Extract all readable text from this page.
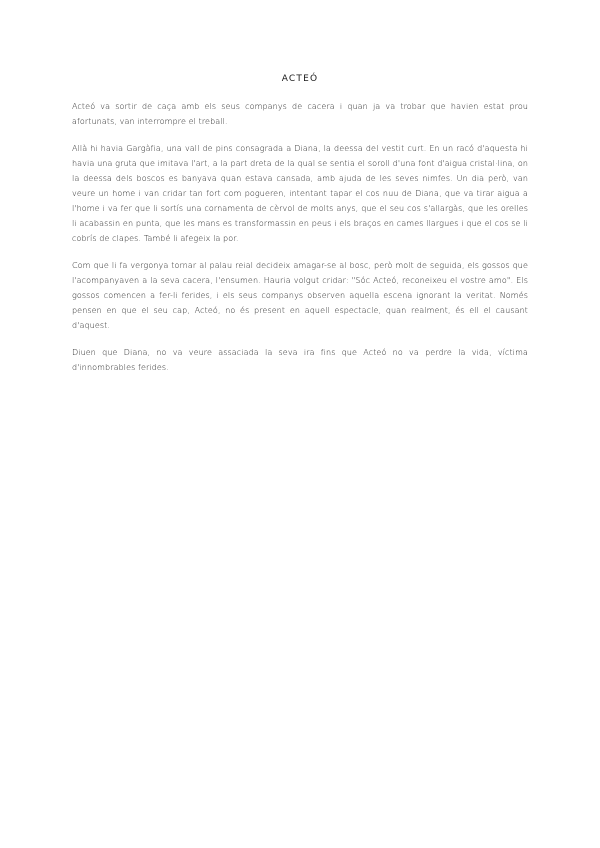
ACTEÓ

Acteó va sortir de caça amb els seus companys de cacera i quan ja va trobar que havien estat prou afortunats, van interrompre el treball.

Allà hi havia Gargàfia, una vall de pins consagrada a Diana, la deessa del vestit curt. En un racó d'aquesta hi havia una gruta que imitava l'art, a la part dreta de la qual se sentia el soroll d'una font d'aigua cristal·lina, on la deessa dels boscos es banyava quan estava cansada, amb ajuda de les seves nimfes. Un dia però, van veure un home i van cridar tan fort com pogueren, intentant tapar el cos nuu de Diana, que va tirar aigua a l'home i va fer que li sortís una cornamenta de cèrvol de molts anys, que el seu cos s'allargàs, que les orelles li acabassin en punta, que les mans es transformassin en peus i els braços en cames llargues i que el cos se li cobrís de clapes. També li afegeix la por.

Com que li fa vergonya tornar al palau reial decideix amagar-se al bosc, però molt de seguida, els gossos que l'acompanyaven a la seva cacera, l'ensumen. Hauria volgut cridar: "Sóc Acteó, reconeixeu el vostre amo". Els gossos comencen a fer-li ferides, i els seus companys observen aquella escena ignorant la veritat. Només pensen en que el seu cap, Acteó, no és present en aquell espectacle, quan realment, és ell el causant d'aquest.

Diuen que Diana, no va veure assaciada la seva ira fins que Acteó no va perdre la vida, víctima d'innombrables ferides.
